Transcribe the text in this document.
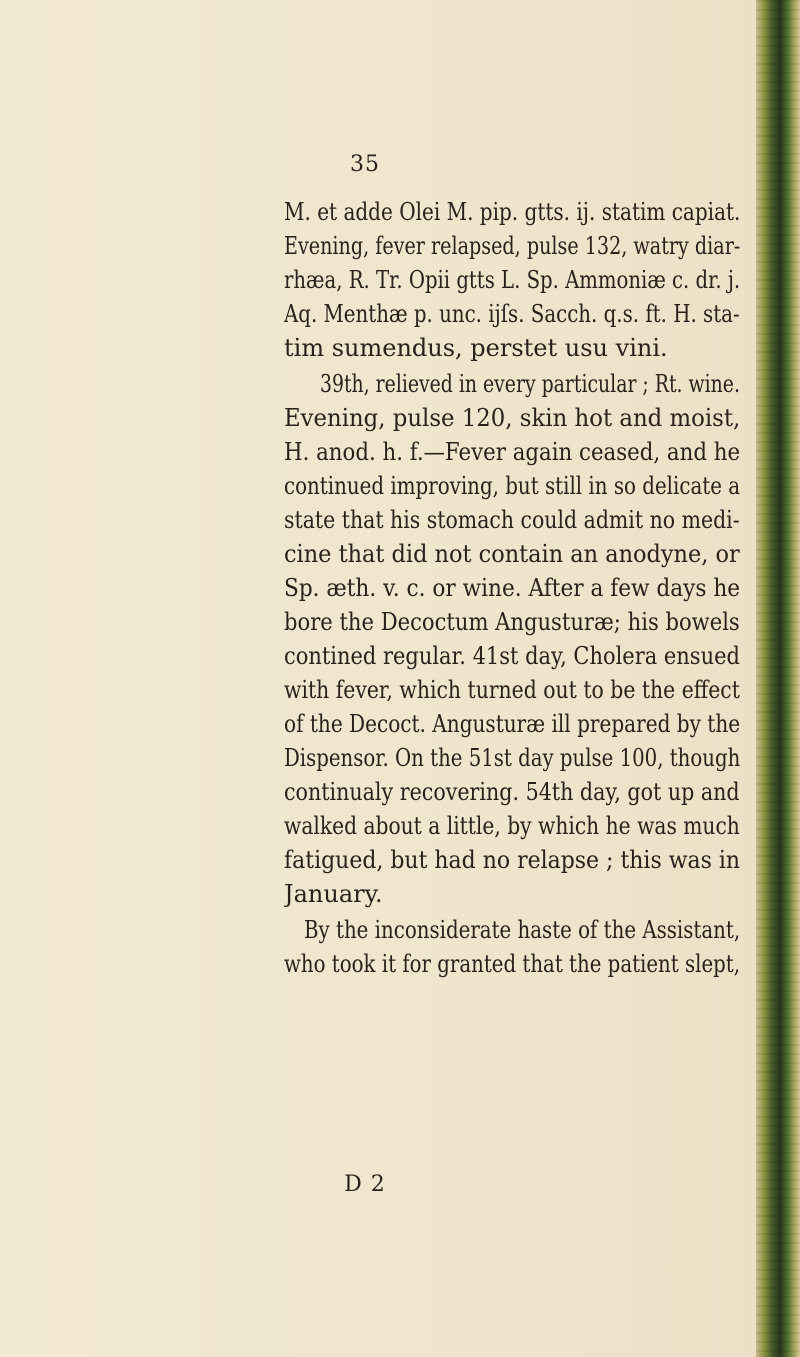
35
M. et adde Olei M. pip. gtts. ij. statim capiat.
Evening, fever relapsed, pulse 132, watry diar-
rhæa, R. Tr. Opii gtts L. Sp. Ammoniæ c. dr. j.
Aq. Menthæ p. unc. ijſs. Sacch. q.s. ft. H. sta-
tim sumendus, perstet usu vini.
39th, relieved in every particular ; Rt. wine.
Evening, pulse 120, skin hot and moist,
H. anod. h. f.—Fever again ceased, and he
continued improving, but still in so delicate a
state that his stomach could admit no medi-
cine that did not contain an anodyne, or
Sp. æth. v. c. or wine. After a few days he
bore the Decoctum Angusturæ; his bowels
contined regular. 41st day, Cholera ensued
with fever, which turned out to be the effect
of the Decoct. Angusturæ ill prepared by the
Dispensor. On the 51st day pulse 100, though
continualy recovering. 54th day, got up and
walked about a little, by which he was much
fatigued, but had no relapse ; this was in
January.
By the inconsiderate haste of the Assistant,
who took it for granted that the patient slept,
D 2
